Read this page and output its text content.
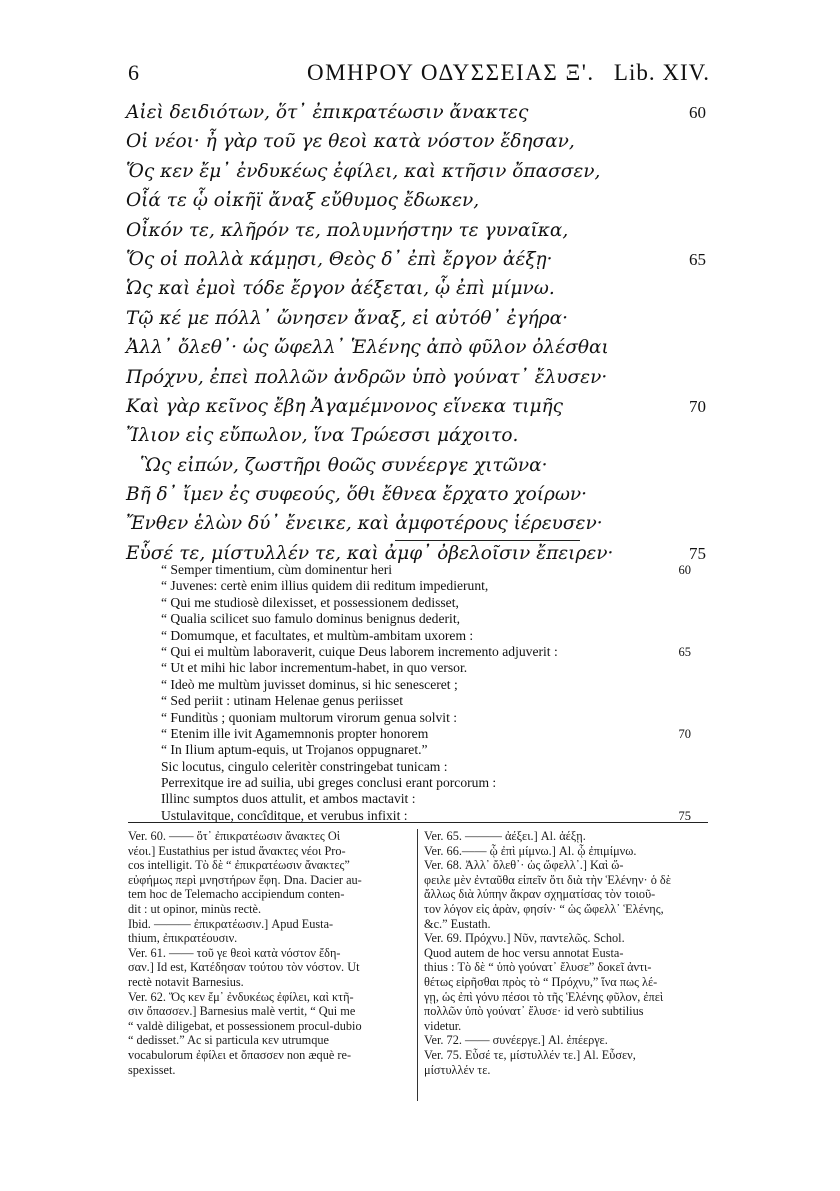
6	ΟΜΗΡΟΥ ΟΔΥΣΣΕΙΑΣ Ξ'. Lib. XIV.
Αἰεὶ δειδιότων, ὅτ᾽ ἐπικρατέωσιν ἄνακτες	60
Οἱ νέοι· ἦ γὰρ τοῦ γε θεοὶ κατὰ νόστον ἔδησαν,
Ὅς κεν ἔμ᾽ ἐνδυκέως ἐφίλει, καὶ κτῆσιν ὄπασσεν,
Οἷά τε ᾧ οἰκῆϊ ἄναξ εὔθυμος ἔδωκεν,
Οἶκόν τε, κλῆρόν τε, πολυμνήστην τε γυναῖκα,
Ὅς οἱ πολλὰ κάμῃσι, Θεὸς δ᾽ ἐπὶ ἔργον ἀέξῃ·	65
Ὡς καὶ ἐμοὶ τόδε ἔργον ἀέξεται, ᾧ ἐπὶ μίμνω.
Τῷ κέ με πόλλ᾽ ὤνησεν ἄναξ, εἰ αὐτόθ᾽ ἐγήρα·
Ἀλλ᾽ ὄλεθ᾽· ὡς ὤφελλ᾽ Ἑλένης ἀπὸ φῦλον ὀλέσθαι
Πρόχνυ, ἐπεὶ πολλῶν ἀνδρῶν ὑπὸ γούνατ᾽ ἔλυσεν·
Καὶ γὰρ κεῖνος ἔβη Ἀγαμέμνονος εἵνεκα τιμῆς	70
Ἴλιον εἰς εὔπωλον, ἵνα Τρώεσσι μάχοιτο.
Ὣς εἰπών, ζωστῆρι θοῶς συνέεργε χιτῶνα·
Βῆ δ᾽ ἴμεν ἐς συφεούς, ὅθι ἔθνεα ἔρχατο χοίρων·
Ἔνθεν ἑλὼν δύ᾽ ἔνεικε, καὶ ἀμφοτέρους ἱέρευσεν·
Εὗσέ τε, μίστυλλέν τε, καὶ ἀμφ᾽ ὀβελοῖσιν ἔπειρεν·	75
“ Semper timentium, cùm dominentur heri	60
“ Juvenes: certè enim illius quidem dii reditum impedierunt,
“ Qui me studiosè dilexisset, et possessionem dedisset,
“ Qualia scilicet suo famulo dominus benignus dederit,
“ Domumque, et facultates, et multùm-ambitam uxorem :
“ Qui ei multùm laboraverit, cuique Deus laborem incremento adjuverit :	65
“ Ut et mihi hic labor incrementum-habet, in quo versor.
“ Ideò me multùm juvisset dominus, si hic senesceret ;
“ Sed periit : utinam Helenae genus periisset
“ Funditùs ; quoniam multorum virorum genua solvit :
“ Etenim ille ivit Agamemnonis propter honorem	70
“ In Ilium aptum-equis, ut Trojanos oppugnaret.”
Sic locutus, cingulo celeritèr constringebat tunicam :
Perrexitque ire ad suilia, ubi greges conclusi erant porcorum :
Illinc sumptos duos attulit, et ambos mactavit :
Ustulavitque, concîditque, et verubus infixit :	75
Ver. 60. —— ὅτ᾽ ἐπικρατέωσιν ἄνακτες Οἱ
νέοι.] Eustathius per istud ἄνακτες νέοι Pro-
cos intelligit. Τὸ δὲ “ ἐπικρατέωσιν ἄνακτες”
εὐφήμως περὶ μνηστήρων ἔφη. Dna. Dacier au-
tem hoc de Telemacho accipiendum conten-
dit : ut opinor, minùs rectè.
Ibid. ——— ἐπικρατέωσιν.] Apud Eusta-
thium, ἐπικρατέουσιν.
Ver. 61. —— τοῦ γε θεοὶ κατὰ νόστον ἔδη-
σαν.] Id est, Κατέδησαν τούτου τὸν νόστον. Ut
rectè notavit Barnesius.
Ver. 62. Ὅς κεν ἔμ᾽ ἐνδυκέως ἐφίλει, καὶ κτῆ-
σιν ὄπασσεν.] Barnesius malè vertit, “ Qui me
“ valdè diligebat, et possessionem procul-dubio
“ dedisset.” Ac si particula κεν utrumque
vocabulorum ἐφίλει et ὄπασσεν non æquè re-
spexisset.
Ver. 65. ——— ἀέξει.] Al. ἀέξῃ.
Ver. 66.—— ᾧ ἐπὶ μίμνω.] Al. ᾧ ἐπιμίμνω.
Ver. 68. Ἀλλ᾽ ὄλεθ᾽· ὡς ὤφελλ᾽.] Καὶ ὤ-
φειλε μὲν ἐνταῦθα εἰπεῖν ὅτι διὰ τὴν Ἑλένην· ὁ δὲ
ἄλλως διὰ λύπην ἄκραν σχηματίσας τὸν τοιοῦ-
τον λόγον εἰς ἀρὰν, φησίν· “ ὡς ὤφελλ᾽ Ἑλένης,
&c.” Eustath.
Ver. 69. Πρόχνυ.] Νῦν, παντελῶς. Schol.
Quod autem de hoc versu annotat Eusta-
thius : Τὸ δὲ “ ὑπὸ γούνατ᾽ ἔλυσε” δοκεῖ ἀντι-
θέτως εἰρῆσθαι πρὸς τὸ “ Πρόχνυ,” ἵνα πως λέ-
γῃ, ὡς ἐπὶ γόνυ πέσοι τὸ τῆς Ἑλένης φῦλον, ἐπεὶ
πολλῶν ὑπὸ γούνατ᾽ ἔλυσε· id verò subtilius
videtur.
Ver. 72. —— συνέεργε.] Al. ἐπέεργε.
Ver. 75. Εὗσέ τε, μίστυλλέν τε.] Al. Εὗσεν,
μίστυλλέν τε.
